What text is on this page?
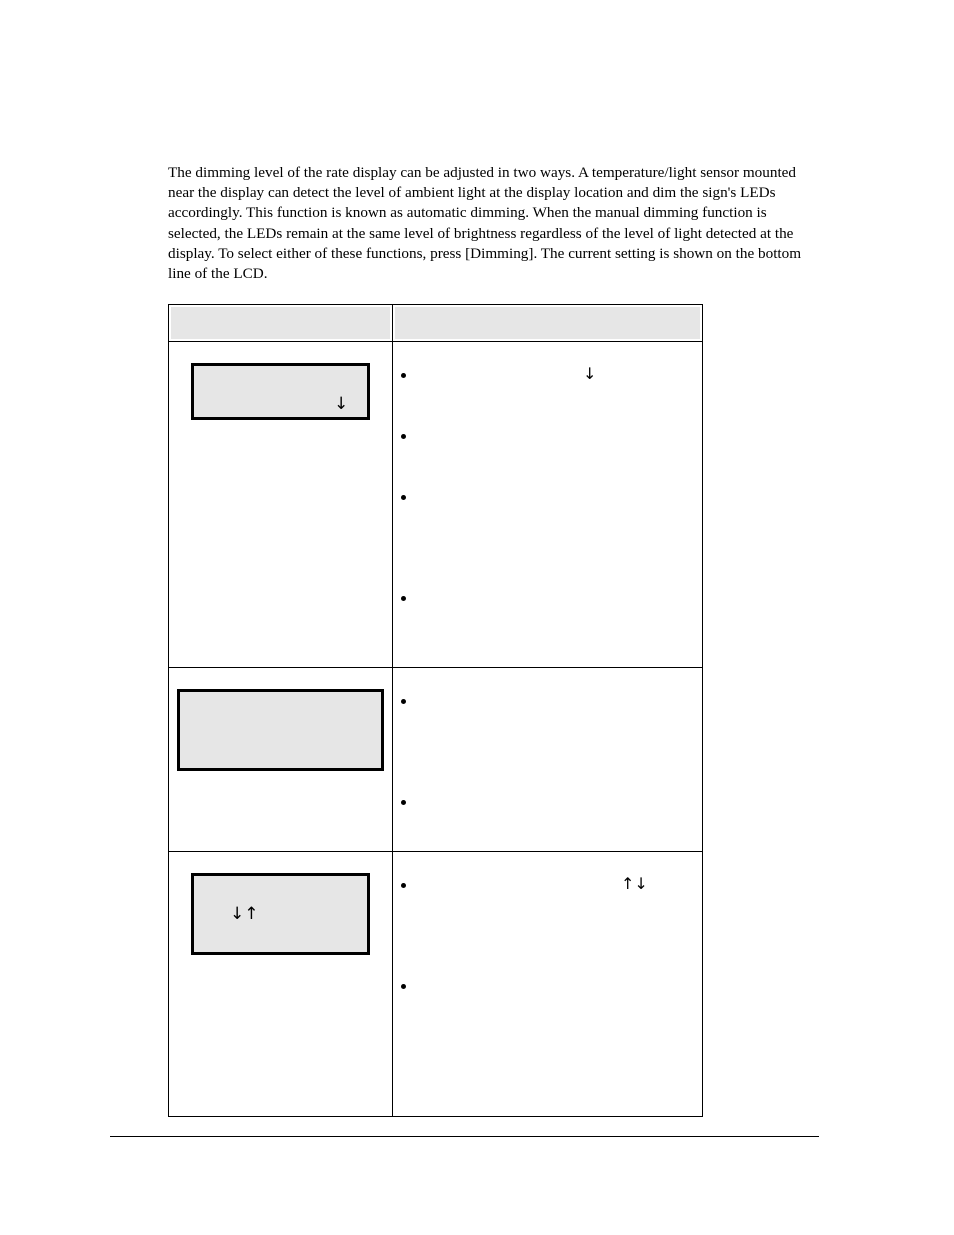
The dimming level of the rate display can be adjusted in two ways. A temperature/light sensor mounted near the display can detect the level of ambient light at the display location and dim the sign's LEDs accordingly. This function is known as automatic dimming. When the manual dimming function is selected, the LEDs remain at the same level of brightness regardless of the level of light detected at the display. To select either of these functions, press [Dimming]. The current setting is shown on the bottom line of the LCD.

↓	↓

↓↑	↑↓
